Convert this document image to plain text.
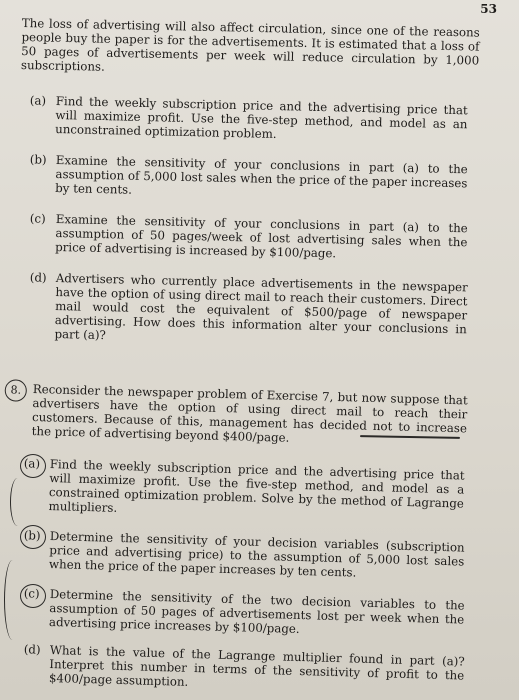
53
The loss of advertising will also affect circulation, since one of the reasons people buy the paper is for the advertisements. It is estimated that a loss of 50 pages of advertisements per week will reduce circulation by 1,000 subscriptions.
(a) Find the weekly subscription price and the advertising price that will maximize profit. Use the five-step method, and model as an unconstrained optimization problem.
(b) Examine the sensitivity of your conclusions in part (a) to the assumption of 5,000 lost sales when the price of the paper increases by ten cents.
(c) Examine the sensitivity of your conclusions in part (a) to the assumption of 50 pages/week of lost advertising sales when the price of advertising is increased by $100/page.
(d) Advertisers who currently place advertisements in the newspaper have the option of using direct mail to reach their customers. Direct mail would cost the equivalent of $500/page of newspaper advertising. How does this information alter your conclusions in part (a)?
8. Reconsider the newspaper problem of Exercise 7, but now suppose that advertisers have the option of using direct mail to reach their customers. Because of this, management has decided not to increase the price of advertising beyond $400/page.
(a) Find the weekly subscription price and the advertising price that will maximize profit. Use the five-step method, and model as a constrained optimization problem. Solve by the method of Lagrange multipliers.
(b) Determine the sensitivity of your decision variables (subscription price and advertising price) to the assumption of 5,000 lost sales when the price of the paper increases by ten cents.
(c) Determine the sensitivity of the two decision variables to the assumption of 50 pages of advertisements lost per week when the advertising price increases by $100/page.
(d) What is the value of the Lagrange multiplier found in part (a)? Interpret this number in terms of the sensitivity of profit to the $400/page assumption.
